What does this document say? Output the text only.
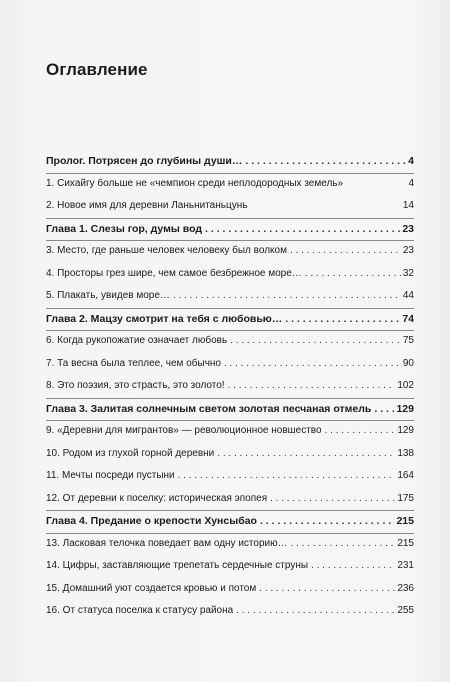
Оглавление
Пролог. Потрясен до глубины души… . . .	4
1. Сихайгу больше не «чемпион среди неплодородных земель»	4
2. Новое имя для деревни Ланьнитаньцунь	14
Глава 1. Слезы гор, думы вод . . .	23
3. Место, где раньше человек человеку был волком . . .	23
4. Просторы грез шире, чем самое безбрежное море… . . .	32
5. Плакать, увидев море… . . .	44
Глава 2. Мацзу смотрит на тебя с любовью… . . .	74
6. Когда рукопожатие означает любовь . . .	75
7. Та весна была теплее, чем обычно . . .	90
8. Это поэзия, это страсть, это золото! . . .	102
Глава 3. Залитая солнечным светом золотая песчаная отмель . . . 129
9. «Деревни для мигрантов» — революционное новшество . . .	129
10. Родом из глухой горной деревни . . .	138
11. Мечты посреди пустыни . . .	164
12. От деревни к поселку: историческая эпопея . . .	175
Глава 4. Предание о крепости Хунсыбао . . .	215
13. Ласковая телочка поведает вам одну историю… . . .	215
14. Цифры, заставляющие трепетать сердечные струны . . .	231
15. Домашний уют создается кровью и потом . . .	236
16. От статуса поселка к статусу района . . .	255
